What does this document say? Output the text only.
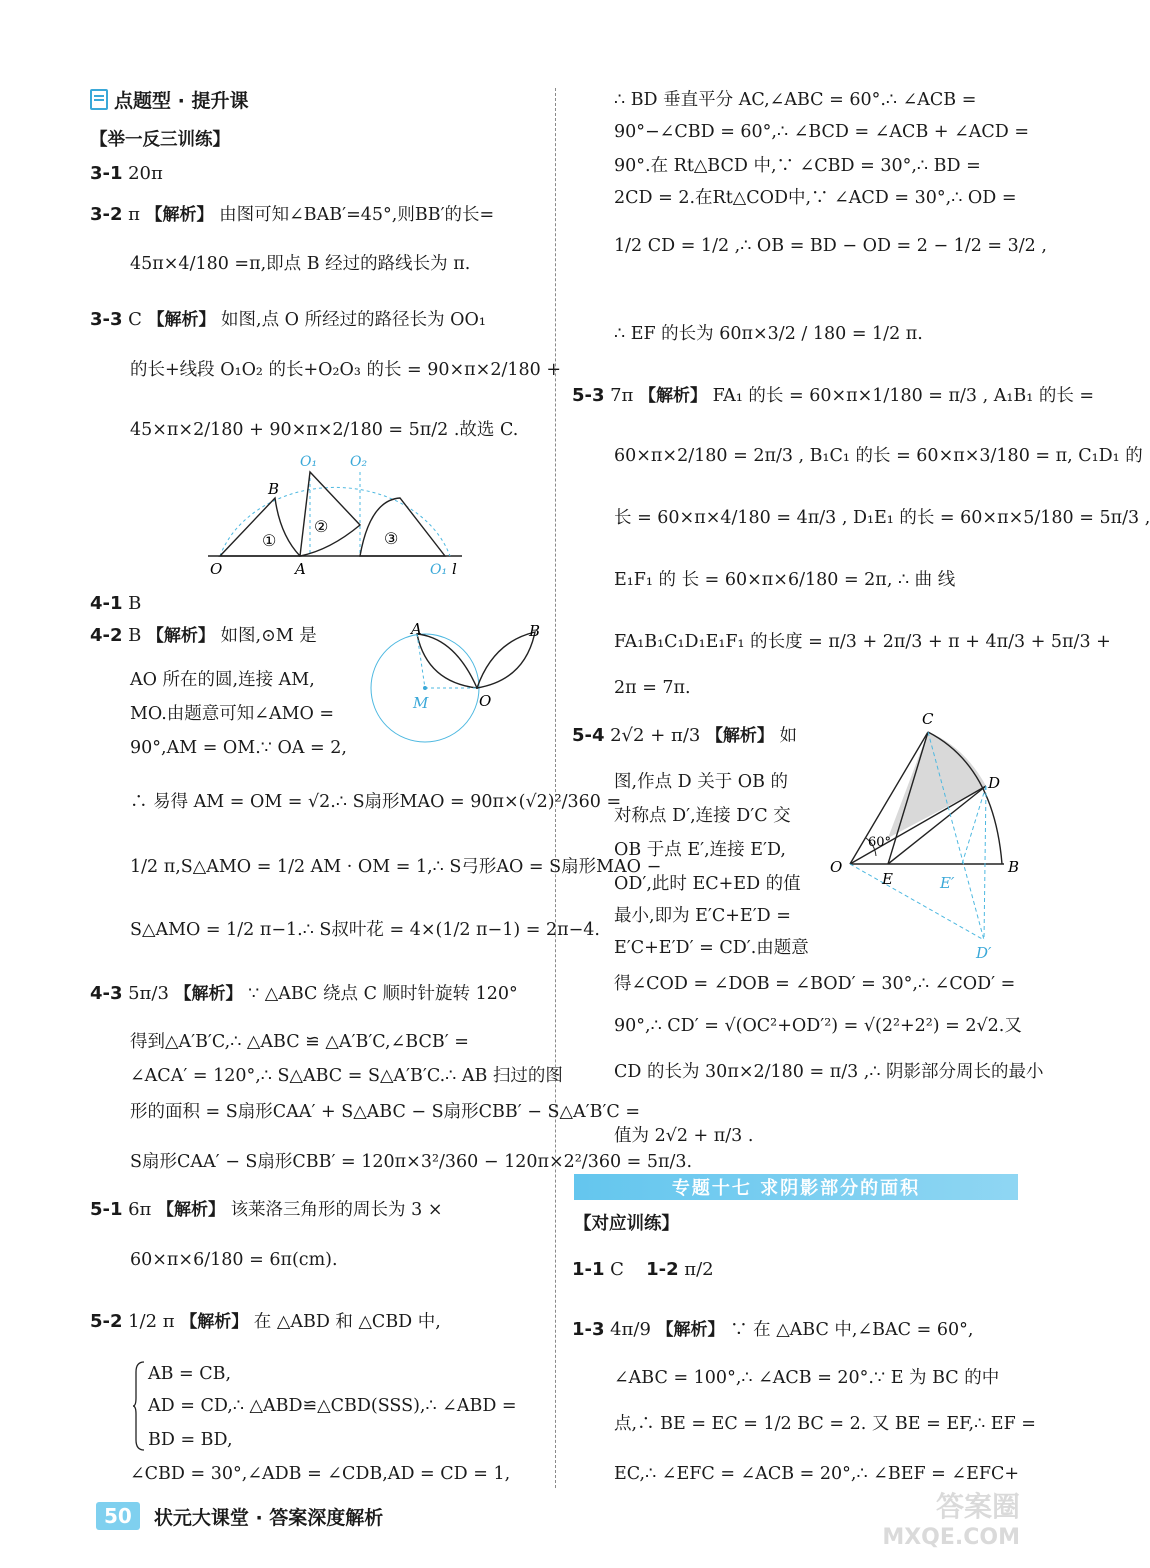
点题型 · 提升课
【举一反三训练】
3-1 20π
3-2 π 【解析】 由图可知∠BAB′=45°,则BB′的长=
45π×4/180 =π,即点 B 经过的路线长为 π.
3-3 C 【解析】 如图,点 O 所经过的路径长为 OO₁
的长+线段 O₁O₂ 的长+O₂O₃ 的长 = 90×π×2/180 +
45×π×2/180 + 90×π×2/180 = 5π/2 .故选 C.
O	A
B
O₁ O₂
O₁ l
①
②
③
4-1 B
4-2 B 【解析】 如图,⊙M 是
AO 所在的圆,连接 AM,
MO.由题意可知∠AMO =
90°,AM = OM.∵ OA = 2,
A	B
M	O
∴ 易得 AM = OM = √2.∴ S扇形MAO = 90π×(√2)²/360 =
1/2 π,S△AMO = 1/2 AM · OM = 1,∴ S弓形AO = S扇形MAO −
S△AMO = 1/2 π−1.∴ S叔叶花 = 4×(1/2 π−1) = 2π−4.
4-3 5π/3 【解析】 ∵ △ABC 绕点 C 顺时针旋转 120°
得到△A′B′C,∴ △ABC ≌ △A′B′C,∠BCB′ =
∠ACA′ = 120°,∴ S△ABC = S△A′B′C.∴ AB 扫过的图
形的面积 = S扇形CAA′ + S△ABC − S扇形CBB′ − S△A′B′C =
S扇形CAA′ − S扇形CBB′ = 120π×3²/360 − 120π×2²/360 = 5π/3.
5-1 6π 【解析】 该莱洛三角形的周长为 3 ×
60×π×6/180 = 6π(cm).
5-2 1/2 π 【解析】 在 △ABD 和 △CBD 中,
AB = CB,
AD = CD,∴ △ABD≌△CBD(SSS),∴ ∠ABD =
BD = BD,
∠CBD = 30°,∠ADB = ∠CDB,AD = CD = 1,
∴ BD 垂直平分 AC,∠ABC = 60°.∴ ∠ACB =
90°−∠CBD = 60°,∴ ∠BCD = ∠ACB + ∠ACD =
90°.在 Rt△BCD 中,∵ ∠CBD = 30°,∴ BD =
2CD = 2.在Rt△COD中,∵ ∠ACD = 30°,∴ OD =
1/2 CD = 1/2 ,∴ OB = BD − OD = 2 − 1/2 = 3/2 ,
∴ EF 的长为 60π×3/2 / 180 = 1/2 π.
5-3 7π 【解析】 FA₁ 的长 = 60×π×1/180 = π/3 , A₁B₁ 的长 =
60×π×2/180 = 2π/3 , B₁C₁ 的长 = 60×π×3/180 = π, C₁D₁ 的
长 = 60×π×4/180 = 4π/3 , D₁E₁ 的长 = 60×π×5/180 = 5π/3 ,
E₁F₁ 的 长 = 60×π×6/180 = 2π, ∴ 曲 线
FA₁B₁C₁D₁E₁F₁ 的长度 = π/3 + 2π/3 + π + 4π/3 + 5π/3 +
2π = 7π.
5-4 2√2 + π/3 【解析】 如
图,作点 D 关于 OB 的
对称点 D′,连接 D′C 交
OB 于点 E′,连接 E′D,
OD′,此时 EC+ED 的值
最小,即为 E′C+E′D =
E′C+E′D′ = CD′.由题意
C
D
O
E	E′
B
D′
60°
得∠COD = ∠DOB = ∠BOD′ = 30°,∴ ∠COD′ =
90°,∴ CD′ = √(OC²+OD′²) = √(2²+2²) = 2√2.又
CD 的长为 30π×2/180 = π/3 ,∴ 阴影部分周长的最小
值为 2√2 + π/3 .
专题十七 求阴影部分的面积
【对应训练】
1-1 C 1-2 π/2
1-3 4π/9 【解析】 ∵ 在 △ABC 中,∠BAC = 60°,
∠ABC = 100°,∴ ∠ACB = 20°.∵ E 为 BC 的中
点,∴ BE = EC = 1/2 BC = 2. 又 BE = EF,∴ EF =
EC,∴ ∠EFC = ∠ACB = 20°,∴ ∠BEF = ∠EFC+
50	状元大课堂 · 答案深度解析	答案圈
MXQE.COM
